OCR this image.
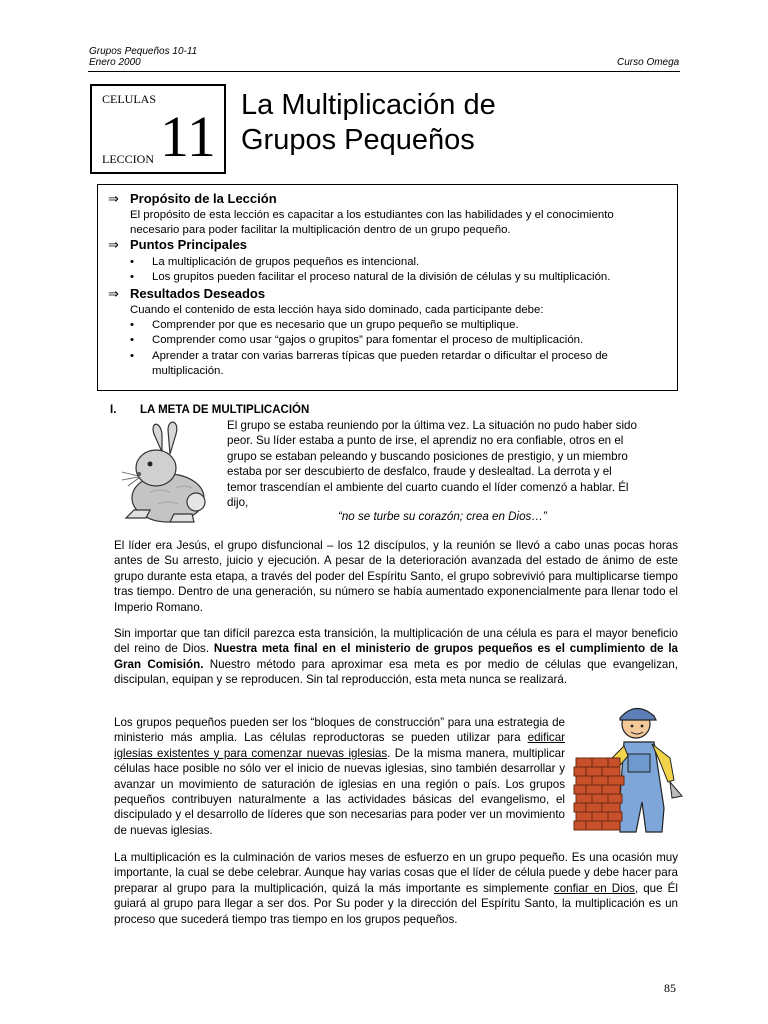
Grupos Pequeños 10-11
Enero 2000	Curso Omega
CELULAS
11
LECCION
La Multiplicación de
Grupos Pequeños
⇒ Propósito de la Lección
El propósito de esta lección es capacitar a los estudiantes con las habilidades y el conocimiento
necesario para poder facilitar la multiplicación dentro de un grupo pequeño.
⇒ Puntos Principales
• La multiplicación de grupos pequeños es intencional.
• Los grupitos pueden facilitar el proceso natural de la división de células y su multiplicación.
⇒ Resultados Deseados
Cuando el contenido de esta lección haya sido dominado, cada participante debe:
• Comprender por que es necesario que un grupo pequeño se multiplique.
• Comprender como usar “gajos o grupitos” para fomentar el proceso de multiplicación.
• Aprender a tratar con varias barreras típicas que pueden retardar o dificultar el proceso de
multiplicación.
I. LA META DE MULTIPLICACIÓN
El grupo se estaba reuniendo por la última vez. La situación no pudo haber sido
peor. Su líder estaba a punto de irse, el aprendiz no era confiable, otros en el
grupo se estaban peleando y buscando posiciones de prestigio, y un miembro
estaba por ser descubierto de desfalco, fraude y deslealtad. La derrota y el
temor trascendían el ambiente del cuarto cuando el líder comenzó a hablar. Él
dijo,
“no se turbe su corazón; crea en Dios…”
El líder era Jesús, el grupo disfuncional – los 12 discípulos, y la reunión se llevó a cabo unas pocas horas antes de Su arresto, juicio y ejecución. A pesar de la deterioración avanzada del estado de ánimo de este grupo durante esta etapa, a través del poder del Espíritu Santo, el grupo sobrevivió para multiplicarse tiempo tras tiempo. Dentro de una generación, su número se había aumentado exponencialmente para llenar todo el Imperio Romano.
Sin importar que tan difícil parezca esta transición, la multiplicación de una célula es para el mayor beneficio del reino de Dios. Nuestra meta final en el ministerio de grupos pequeños es el cumplimiento de la Gran Comisión. Nuestro método para aproximar esa meta es por medio de células que evangelizan, discipulan, equipan y se reproducen. Sin tal reproducción, esta meta nunca se realizará.
Los grupos pequeños pueden ser los “bloques de construcción” para una estrategia de ministerio más amplia. Las células reproductoras se pueden utilizar para edificar iglesias existentes y para comenzar nuevas iglesias. De la misma manera, multiplicar células hace posible no sólo ver el inicio de nuevas iglesias, sino también desarrollar y avanzar un movimiento de saturación de iglesias en una región o país. Los grupos pequeños contribuyen naturalmente a las actividades básicas del evangelismo, el discipulado y el desarrollo de líderes que son necesarias para poder ver un movimiento de nuevas iglesias.
La multiplicación es la culminación de varios meses de esfuerzo en un grupo pequeño. Es una ocasión muy importante, la cual se debe celebrar. Aunque hay varias cosas que el líder de célula puede y debe hacer para preparar al grupo para la multiplicación, quizá la más importante es simplemente confiar en Dios, que Él guiará al grupo para llegar a ser dos. Por Su poder y la dirección del Espíritu Santo, la multiplicación es un proceso que sucederá tiempo tras tiempo en los grupos pequeños.
85
